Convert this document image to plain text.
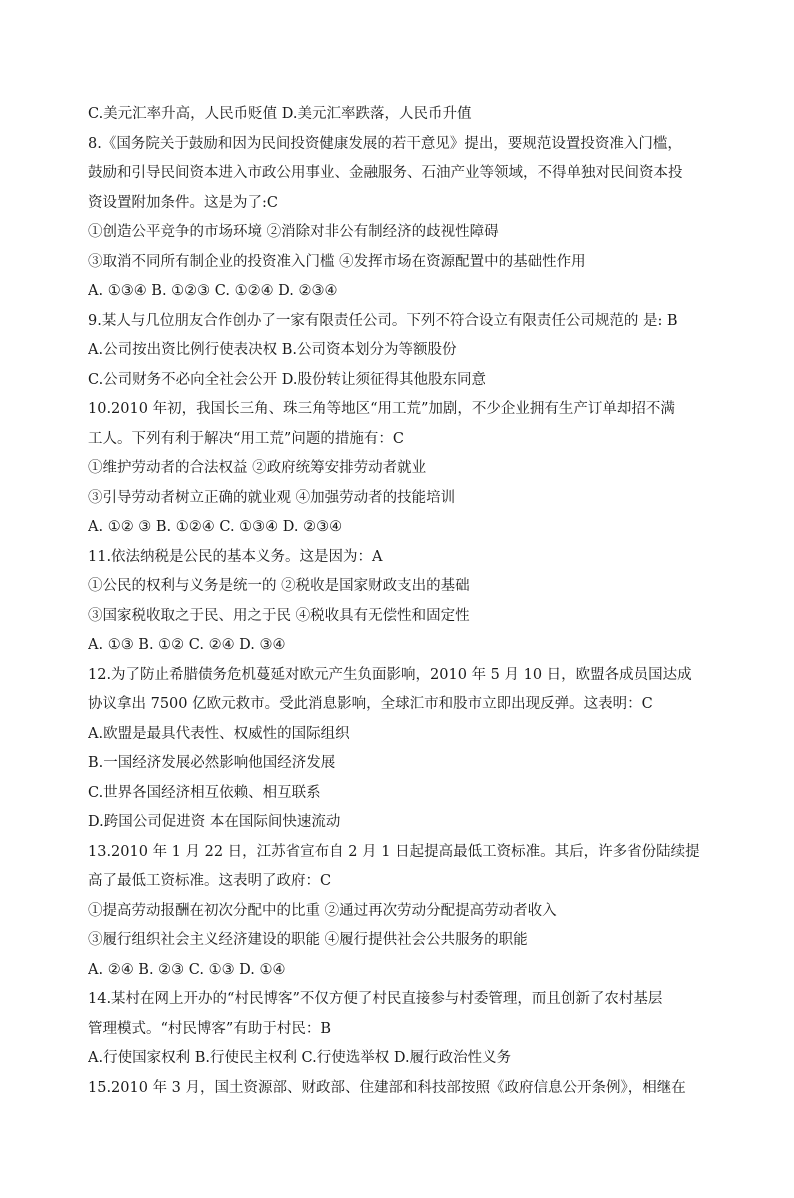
C.美元汇率升高，人民币贬值 D.美元汇率跌落，人民币升值
8.《国务院关于鼓励和因为民间投资健康发展的若干意见》提出，要规范设置投资准入门槛，
鼓励和引导民间资本进入市政公用事业、金融服务、石油产业等领域，不得单独对民间资本投
资设置附加条件。这是为了:C
①创造公平竞争的市场环境 ②消除对非公有制经济的歧视性障碍
③取消不同所有制企业的投资准入门槛 ④发挥市场在资源配置中的基础性作用
A. ①③④ B. ①②③ C. ①②④ D. ②③④
9.某人与几位朋友合作创办了一家有限责任公司。下列不符合设立有限责任公司规范的 是: B
A.公司按出资比例行使表决权 B.公司资本划分为等额股份
C.公司财务不必向全社会公开 D.股份转让须征得其他股东同意
10.2010 年初，我国长三角、珠三角等地区“用工荒”加剧，不少企业拥有生产订单却招不满
工人。下列有利于解决“用工荒”问题的措施有：C
①维护劳动者的合法权益 ②政府统筹安排劳动者就业
③引导劳动者树立正确的就业观 ④加强劳动者的技能培训
A. ①② ③ B. ①②④ C. ①③④ D. ②③④
11.依法纳税是公民的基本义务。这是因为：A
①公民的权利与义务是统一的 ②税收是国家财政支出的基础
③国家税收取之于民、用之于民 ④税收具有无偿性和固定性
A. ①③ B. ①② C. ②④ D. ③④
12.为了防止希腊债务危机蔓延对欧元产生负面影响，2010 年 5 月 10 日，欧盟各成员国达成
协议拿出 7500 亿欧元救市。受此消息影响，全球汇市和股市立即出现反弹。这表明：C
A.欧盟是最具代表性、权威性的国际组织
B.一国经济发展必然影响他国经济发展
C.世界各国经济相互依赖、相互联系
D.跨国公司促进资 本在国际间快速流动
13.2010 年 1 月 22 日，江苏省宣布自 2 月 1 日起提高最低工资标准。其后，许多省份陆续提
高了最低工资标准。这表明了政府：C
①提高劳动报酬在初次分配中的比重 ②通过再次劳动分配提高劳动者收入
③履行组织社会主义经济建设的职能 ④履行提供社会公共服务的职能
A. ②④ B. ②③ C. ①③ D. ①④
14.某村在网上开办的“村民博客”不仅方便了村民直接参与村委管理，而且创新了农村基层
管理模式。“村民博客”有助于村民：B
A.行使国家权利 B.行使民主权利 C.行使选举权 D.履行政治性义务
15.2010 年 3 月，国土资源部、财政部、住建部和科技部按照《政府信息公开条例》，相继在
